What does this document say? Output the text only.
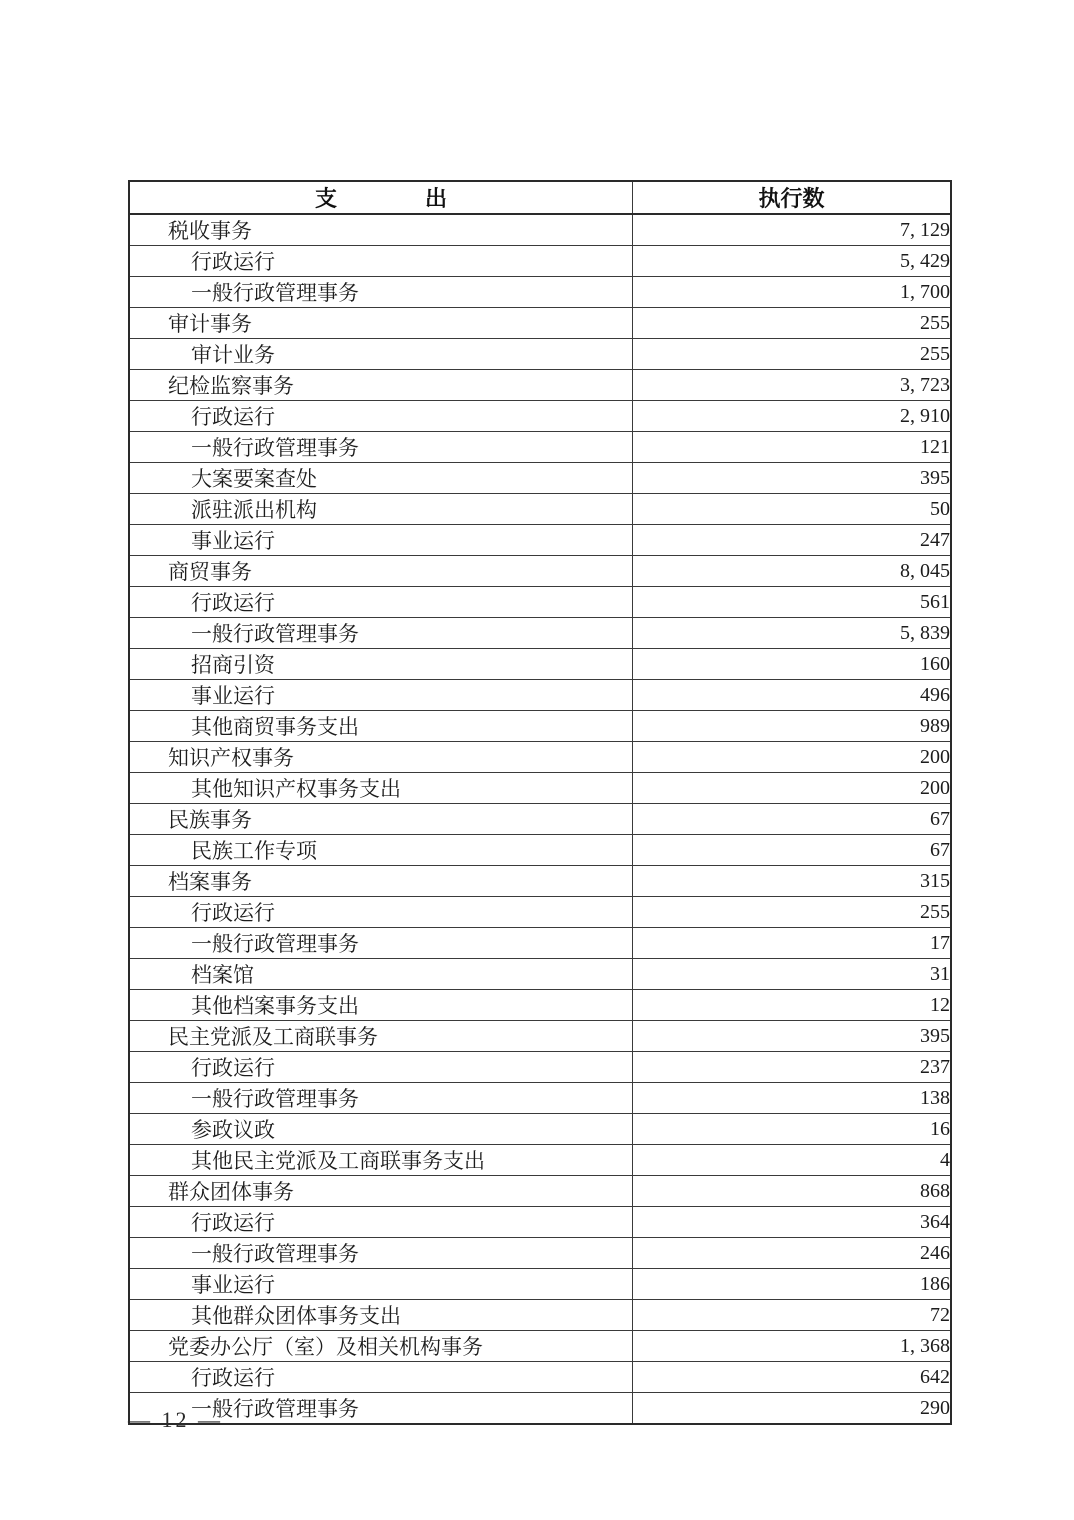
支　　　　出	执行数
税收事务	7, 129
行政运行	5, 429
一般行政管理事务	1, 700
审计事务	255
审计业务	255
纪检监察事务	3, 723
行政运行	2, 910
一般行政管理事务	121
大案要案查处	395
派驻派出机构	50
事业运行	247
商贸事务	8, 045
行政运行	561
一般行政管理事务	5, 839
招商引资	160
事业运行	496
其他商贸事务支出	989
知识产权事务	200
其他知识产权事务支出	200
民族事务	67
民族工作专项	67
档案事务	315
行政运行	255
一般行政管理事务	17
档案馆	31
其他档案事务支出	12
民主党派及工商联事务	395
行政运行	237
一般行政管理事务	138
参政议政	16
其他民主党派及工商联事务支出	4
群众团体事务	868
行政运行	364
一般行政管理事务	246
事业运行	186
其他群众团体事务支出	72
党委办公厅（室）及相关机构事务	1, 368
行政运行	642
一般行政管理事务	290
— 12 —
